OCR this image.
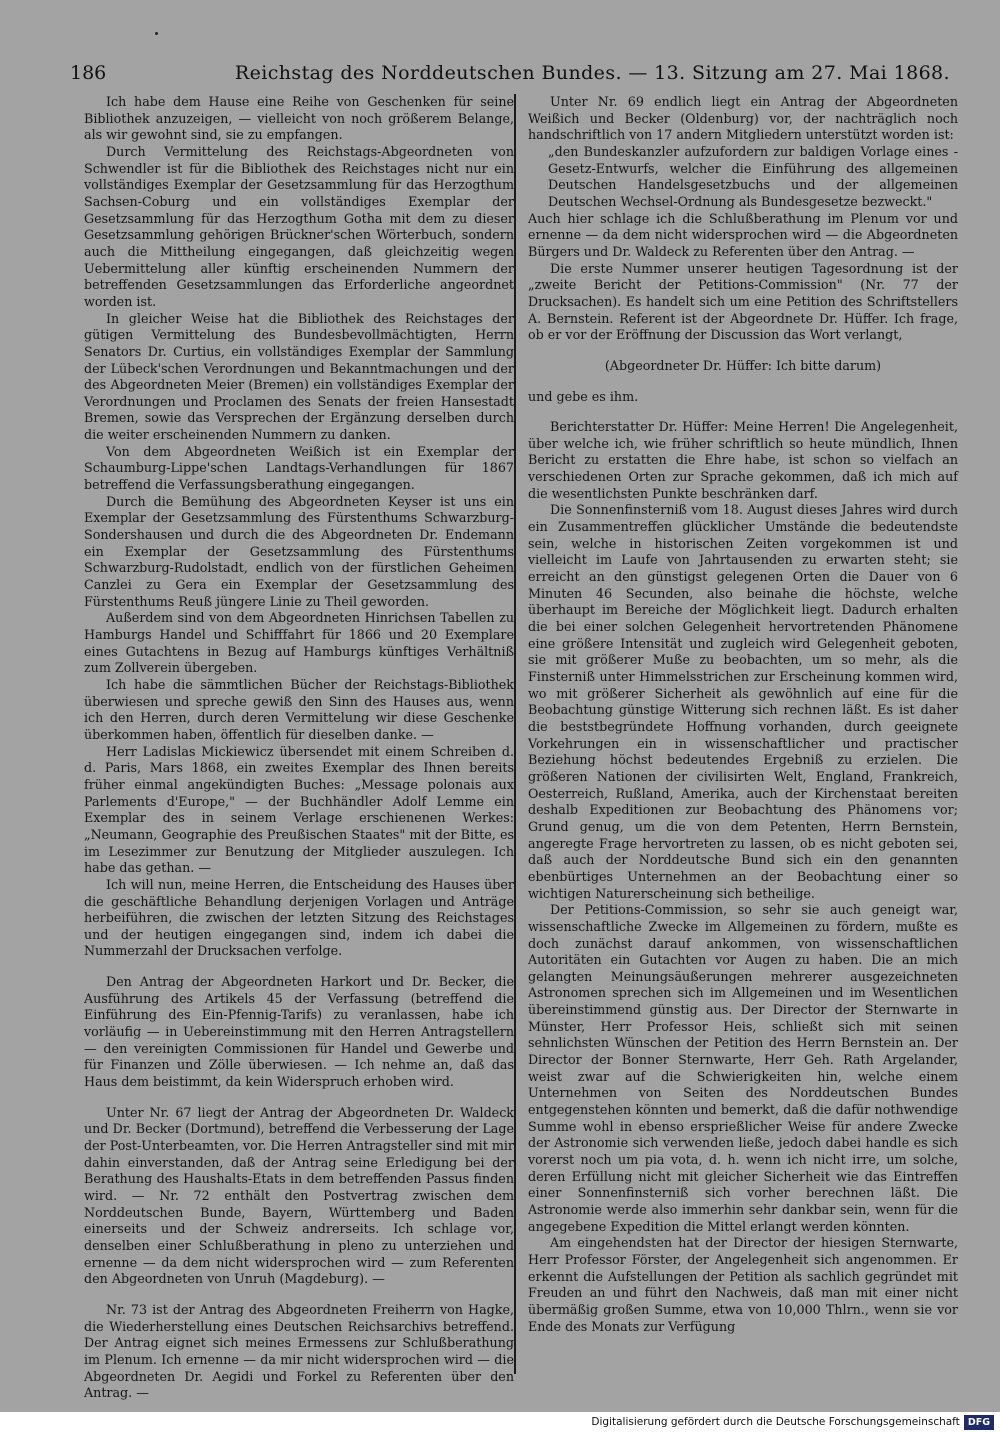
186	Reichstag des Norddeutschen Bundes. — 13. Sitzung am 27. Mai 1868.

Ich habe dem Hause eine Reihe von Geschenken für seine Bibliothek anzuzeigen, — vielleicht von noch größerem Belange, als wir gewohnt sind, sie zu empfangen.

Durch Vermittelung des Reichstags-Abgeordneten von Schwendler ist für die Bibliothek des Reichstages nicht nur ein vollständiges Exemplar der Gesetzsammlung für das Herzogthum Sachsen-Coburg und ein vollständiges Exemplar der Gesetzsammlung für das Herzogthum Gotha mit dem zu dieser Gesetzsammlung gehörigen Brückner'schen Wörterbuch, sondern auch die Mittheilung eingegangen, daß gleichzeitig wegen Uebermittelung aller künftig erscheinenden Nummern der betreffenden Gesetzsammlungen das Erforderliche angeordnet worden ist.

In gleicher Weise hat die Bibliothek des Reichstages der gütigen Vermittelung des Bundesbevollmächtigten, Herrn Senators Dr. Curtius, ein vollständiges Exemplar der Sammlung der Lübeck'schen Verordnungen und Bekanntmachungen und der des Abgeordneten Meier (Bremen) ein vollständiges Exemplar der Verordnungen und Proclamen des Senats der freien Hansestadt Bremen, sowie das Versprechen der Ergänzung derselben durch die weiter erscheinenden Nummern zu danken.

Von dem Abgeordneten Weißich ist ein Exemplar der Schaumburg-Lippe'schen Landtags-Verhandlungen für 1867 betreffend die Verfassungsberathung eingegangen.

Durch die Bemühung des Abgeordneten Keyser ist uns ein Exemplar der Gesetzsammlung des Fürstenthums Schwarzburg-Sondershausen und durch die des Abgeordneten Dr. Endemann ein Exemplar der Gesetzsammlung des Fürstenthums Schwarzburg-Rudolstadt, endlich von der fürstlichen Geheimen Canzlei zu Gera ein Exemplar der Gesetzsammlung des Fürstenthums Reuß jüngere Linie zu Theil geworden.

Außerdem sind von dem Abgeordneten Hinrichsen Tabellen zu Hamburgs Handel und Schifffahrt für 1866 und 20 Exemplare eines Gutachtens in Bezug auf Hamburgs künftiges Verhältniß zum Zollverein übergeben.

Ich habe die sämmtlichen Bücher der Reichstags-Bibliothek überwiesen und spreche gewiß den Sinn des Hauses aus, wenn ich den Herren, durch deren Vermittelung wir diese Geschenke überkommen haben, öffentlich für dieselben danke. —

Herr Ladislas Mickiewicz übersendet mit einem Schreiben d. d. Paris, Mars 1868, ein zweites Exemplar des Ihnen bereits früher einmal angekündigten Buches: „Message polonais aux Parlements d'Europe," — der Buchhändler Adolf Lemme ein Exemplar des in seinem Verlage erschienenen Werkes: „Neumann, Geographie des Preußischen Staates" mit der Bitte, es im Lesezimmer zur Benutzung der Mitglieder auszulegen. Ich habe das gethan. —

Ich will nun, meine Herren, die Entscheidung des Hauses über die geschäftliche Behandlung derjenigen Vorlagen und Anträge herbeiführen, die zwischen der letzten Sitzung des Reichstages und der heutigen eingegangen sind, indem ich dabei die Nummerzahl der Drucksachen verfolge.

Den Antrag der Abgeordneten Harkort und Dr. Becker, die Ausführung des Artikels 45 der Verfassung (betreffend die Einführung des Ein-Pfennig-Tarifs) zu veranlassen, habe ich vorläufig — in Uebereinstimmung mit den Herren Antragstellern — den vereinigten Commissionen für Handel und Gewerbe und für Finanzen und Zölle überwiesen. — Ich nehme an, daß das Haus dem beistimmt, da kein Widerspruch erhoben wird.

Unter Nr. 67 liegt der Antrag der Abgeordneten Dr. Waldeck und Dr. Becker (Dortmund), betreffend die Verbesserung der Lage der Post-Unterbeamten, vor. Die Herren Antragsteller sind mit mir dahin einverstanden, daß der Antrag seine Erledigung bei der Berathung des Haushalts-Etats in dem betreffenden Passus finden wird. — Nr. 72 enthält den Postvertrag zwischen dem Norddeutschen Bunde, Bayern, Württemberg und Baden einerseits und der Schweiz andrerseits. Ich schlage vor, denselben einer Schlußberathung in pleno zu unterziehen und ernenne — da dem nicht widersprochen wird — zum Referenten den Abgeordneten von Unruh (Magdeburg). —

Nr. 73 ist der Antrag des Abgeordneten Freiherrn von Hagke, die Wiederherstellung eines Deutschen Reichsarchivs betreffend. Der Antrag eignet sich meines Ermessens zur Schlußberathung im Plenum. Ich ernenne — da mir nicht widersprochen wird — die Abgeordneten Dr. Aegidi und Forkel zu Referenten über den Antrag. —

Unter Nr. 69 endlich liegt ein Antrag der Abgeordneten Weißich und Becker (Oldenburg) vor, der nachträglich noch handschriftlich von 17 andern Mitgliedern unterstützt worden ist:

„den Bundeskanzler aufzufordern zur baldigen Vorlage eines -Gesetz-Entwurfs, welcher die Einführung des allgemeinen Deutschen Handelsgesetzbuchs und der allgemeinen Deutschen Wechsel-Ordnung als Bundesgesetze bezweckt."

Auch hier schlage ich die Schlußberathung im Plenum vor und ernenne — da dem nicht widersprochen wird — die Abgeordneten Bürgers und Dr. Waldeck zu Referenten über den Antrag. —

Die erste Nummer unserer heutigen Tagesordnung ist der „zweite Bericht der Petitions-Commission" (Nr. 77 der Drucksachen). Es handelt sich um eine Petition des Schriftstellers A. Bernstein. Referent ist der Abgeordnete Dr. Hüffer. Ich frage, ob er vor der Eröffnung der Discussion das Wort verlangt,

(Abgeordneter Dr. Hüffer: Ich bitte darum)

und gebe es ihm.

Berichterstatter Dr. Hüffer: Meine Herren! Die Angelegenheit, über welche ich, wie früher schriftlich so heute mündlich, Ihnen Bericht zu erstatten die Ehre habe, ist schon so vielfach an verschiedenen Orten zur Sprache gekommen, daß ich mich auf die wesentlichsten Punkte beschränken darf.

Die Sonnenfinsterniß vom 18. August dieses Jahres wird durch ein Zusammentreffen glücklicher Umstände die bedeutendste sein, welche in historischen Zeiten vorgekommen ist und vielleicht im Laufe von Jahrtausenden zu erwarten steht; sie erreicht an den günstigst gelegenen Orten die Dauer von 6 Minuten 46 Secunden, also beinahe die höchste, welche überhaupt im Bereiche der Möglichkeit liegt. Dadurch erhalten die bei einer solchen Gelegenheit hervortretenden Phänomene eine größere Intensität und zugleich wird Gelegenheit geboten, sie mit größerer Muße zu beobachten, um so mehr, als die Finsterniß unter Himmelsstrichen zur Erscheinung kommen wird, wo mit größerer Sicherheit als gewöhnlich auf eine für die Beobachtung günstige Witterung sich rechnen läßt. Es ist daher die beststbegründete Hoffnung vorhanden, durch geeignete Vorkehrungen ein in wissenschaftlicher und practischer Beziehung höchst bedeutendes Ergebniß zu erzielen. Die größeren Nationen der civilisirten Welt, England, Frankreich, Oesterreich, Rußland, Amerika, auch der Kirchenstaat bereiten deshalb Expeditionen zur Beobachtung des Phänomens vor; Grund genug, um die von dem Petenten, Herrn Bernstein, angeregte Frage hervortreten zu lassen, ob es nicht geboten sei, daß auch der Norddeutsche Bund sich ein den genannten ebenbürtiges Unternehmen an der Beobachtung einer so wichtigen Naturerscheinung sich betheilige.

Der Petitions-Commission, so sehr sie auch geneigt war, wissenschaftliche Zwecke im Allgemeinen zu fördern, mußte es doch zunächst darauf ankommen, von wissenschaftlichen Autoritäten ein Gutachten vor Augen zu haben. Die an mich gelangten Meinungsäußerungen mehrerer ausgezeichneten Astronomen sprechen sich im Allgemeinen und im Wesentlichen übereinstimmend günstig aus. Der Director der Sternwarte in Münster, Herr Professor Heis, schließt sich mit seinen sehnlichsten Wünschen der Petition des Herrn Bernstein an. Der Director der Bonner Sternwarte, Herr Geh. Rath Argelander, weist zwar auf die Schwierigkeiten hin, welche einem Unternehmen von Seiten des Norddeutschen Bundes entgegenstehen könnten und bemerkt, daß die dafür nothwendige Summe wohl in ebenso ersprießlicher Weise für andere Zwecke der Astronomie sich verwenden ließe, jedoch dabei handle es sich vorerst noch um pia vota, d. h. wenn ich nicht irre, um solche, deren Erfüllung nicht mit gleicher Sicherheit wie das Eintreffen einer Sonnenfinsterniß sich vorher berechnen läßt. Die Astronomie werde also immerhin sehr dankbar sein, wenn für die angegebene Expedition die Mittel erlangt werden könnten.

Am eingehendsten hat der Director der hiesigen Sternwarte, Herr Professor Förster, der Angelegenheit sich angenommen. Er erkennt die Aufstellungen der Petition als sachlich gegründet mit Freuden an und führt den Nachweis, daß man mit einer nicht übermäßig großen Summe, etwa von 10,000 Thlrn., wenn sie vor Ende des Monats zur Verfügung

Digitalisierung gefördert durch die Deutsche Forschungsgemeinschaft DFG
